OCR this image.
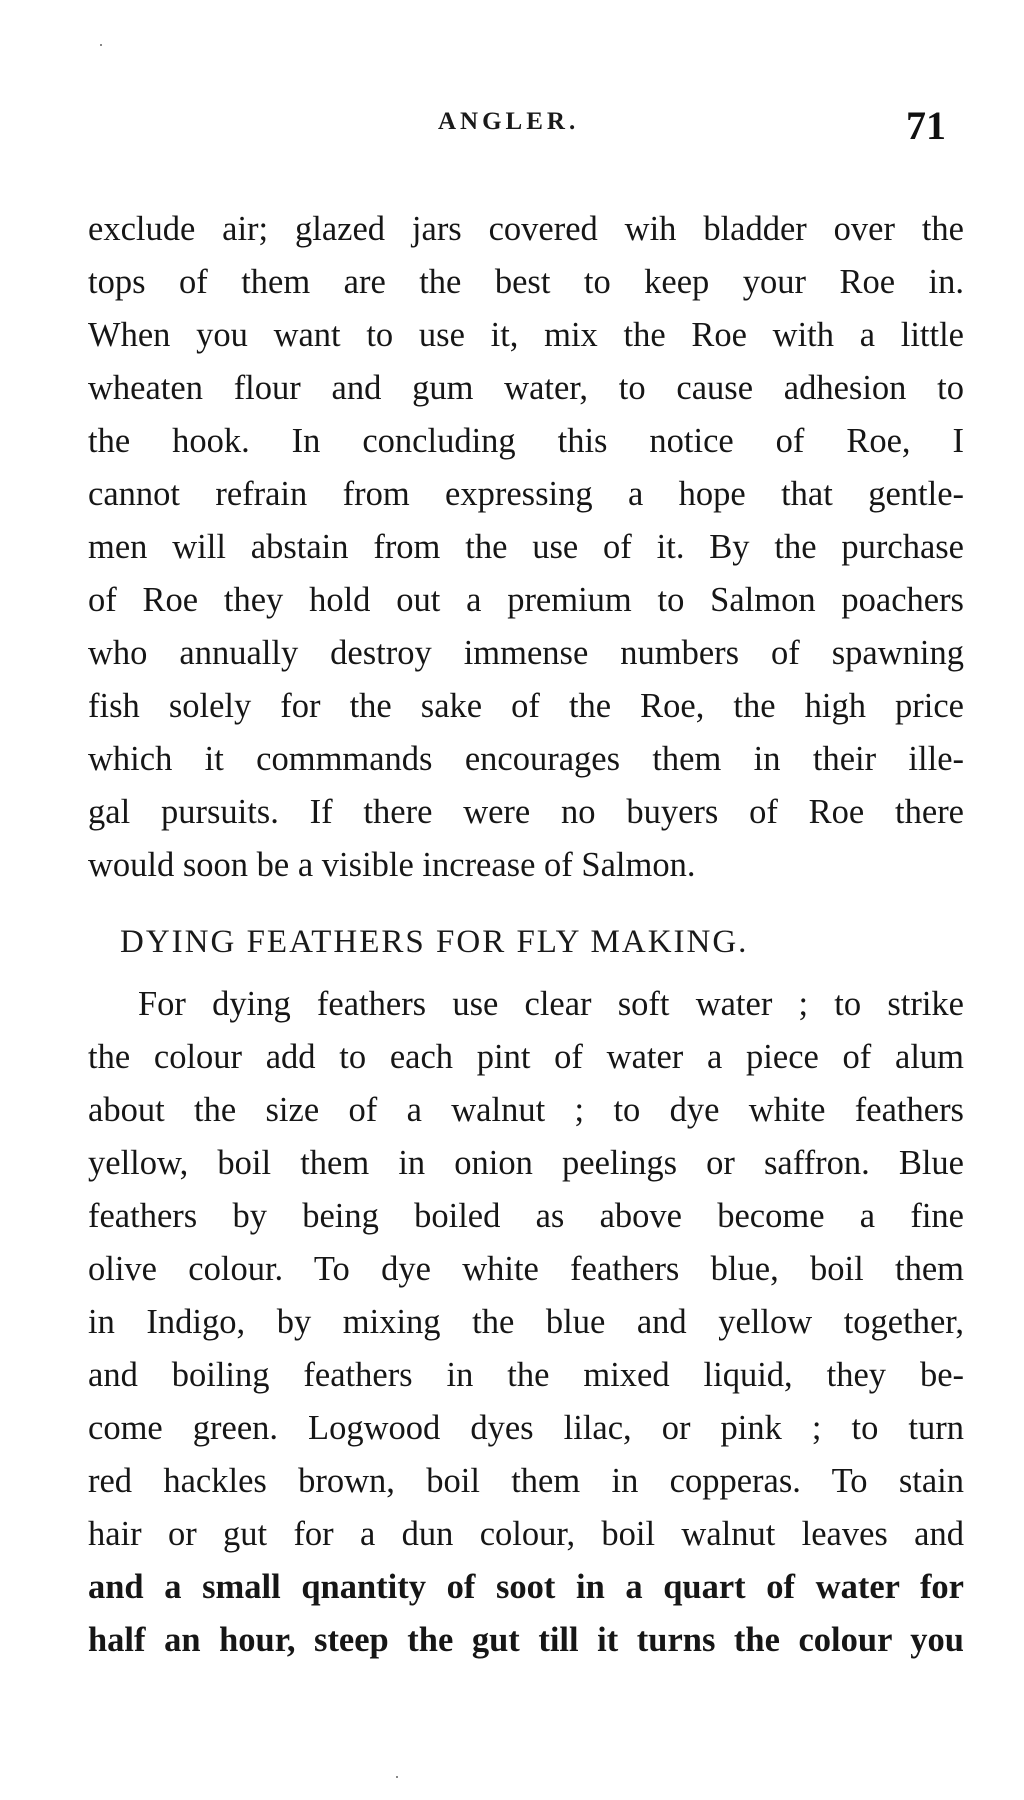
ANGLER.	71
exclude air; glazed jars covered wih bladder over the
tops of them are the best to keep your Roe in.
When you want to use it, mix the Roe with a little
wheaten flour and gum water, to cause adhesion to
the hook. In concluding this notice of Roe, I
cannot refrain from expressing a hope that gentle-
men will abstain from the use of it. By the purchase
of Roe they hold out a premium to Salmon poachers
who annually destroy immense numbers of spawning
fish solely for the sake of the Roe, the high price
which it commmands encourages them in their ille-
gal pursuits. If there were no buyers of Roe there
would soon be a visible increase of Salmon.
DYING FEATHERS FOR FLY MAKING.
For dying feathers use clear soft water ; to strike
the colour add to each pint of water a piece of alum
about the size of a walnut ; to dye white feathers
yellow, boil them in onion peelings or saffron. Blue
feathers by being boiled as above become a fine
olive colour. To dye white feathers blue, boil them
in Indigo, by mixing the blue and yellow together,
and boiling feathers in the mixed liquid, they be-
come green. Logwood dyes lilac, or pink ; to turn
red hackles brown, boil them in copperas. To stain
hair or gut for a dun colour, boil walnut leaves and
and a small qnantity of soot in a quart of water for
half an hour, steep the gut till it turns the colour you
